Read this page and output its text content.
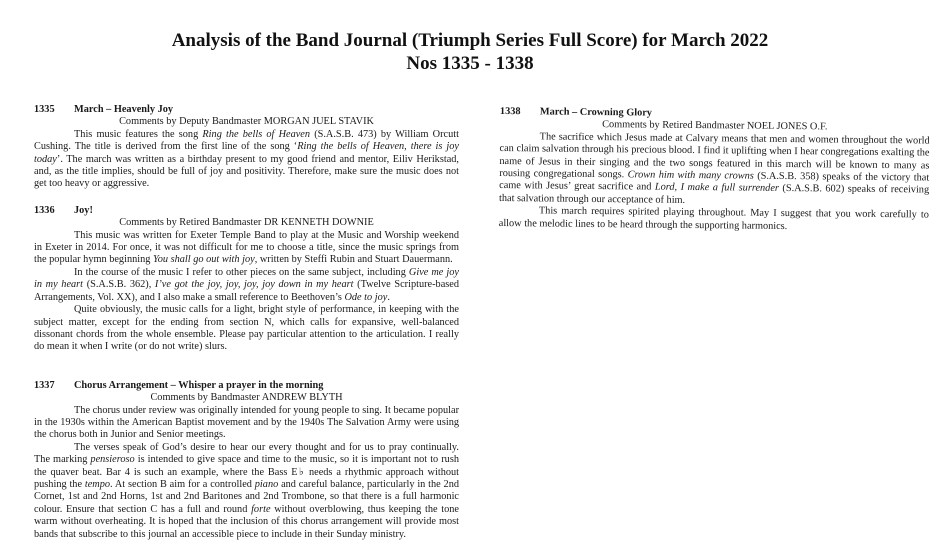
Analysis of the Band Journal (Triumph Series Full Score) for March 2022
Nos 1335 - 1338
1335 March – Heavenly Joy
Comments by Deputy Bandmaster MORGAN JUEL STAVIK

This music features the song Ring the bells of Heaven (S.A.S.B. 473) by William Orcutt Cushing. The title is derived from the first line of the song ‘Ring the bells of Heaven, there is joy today’. The march was written as a birthday present to my good friend and mentor, Eiliv Herikstad, and, as the title implies, should be full of joy and positivity. Therefore, make sure the music does not get too heavy or aggressive.

1336 Joy!
Comments by Retired Bandmaster DR KENNETH DOWNIE

This music was written for Exeter Temple Band to play at the Music and Worship weekend in Exeter in 2014. For once, it was not difficult for me to choose a title, since the music springs from the popular hymn beginning You shall go out with joy, written by Steffi Rubin and Stuart Dauermann.

In the course of the music I refer to other pieces on the same subject, including Give me joy in my heart (S.A.S.B. 362), I’ve got the joy, joy, joy, joy down in my heart (Twelve Scripture-based Arrangements, Vol. XX), and I also make a small reference to Beethoven’s Ode to joy.

Quite obviously, the music calls for a light, bright style of performance, in keeping with the subject matter, except for the ending from section N, which calls for expansive, well-balanced dissonant chords from the whole ensemble. Please pay particular attention to the articulation. I really do mean it when I write (or do not write) slurs.

1337 Chorus Arrangement – Whisper a prayer in the morning
Comments by Bandmaster ANDREW BLYTH

The chorus under review was originally intended for young people to sing. It became popular in the 1930s within the American Baptist movement and by the 1940s The Salvation Army were using the chorus both in Junior and Senior meetings.

The verses speak of God’s desire to hear our every thought and for us to pray continually. The marking pensieroso is intended to give space and time to the music, so it is important not to rush the quaver beat. Bar 4 is such an example, where the Bass E♭ needs a rhythmic approach without pushing the tempo. At section B aim for a controlled piano and careful balance, particularly in the 2nd Cornet, 1st and 2nd Horns, 1st and 2nd Baritones and 2nd Trombone, so that there is a full harmonic colour. Ensure that section C has a full and round forte without overblowing, thus keeping the tone warm without overheating. It is hoped that the inclusion of this chorus arrangement will provide most bands that subscribe to this journal an accessible piece to include in their Sunday ministry.

1338 March – Crowning Glory
Comments by Retired Bandmaster NOEL JONES O.F.

The sacrifice which Jesus made at Calvary means that men and women throughout the world can claim salvation through his precious blood. I find it uplifting when I hear congregations exalting the name of Jesus in their singing and the two songs featured in this march will be known to many as rousing congregational songs. Crown him with many crowns (S.A.S.B. 358) speaks of the victory that came with Jesus’ great sacrifice and Lord, I make a full surrender (S.A.S.B. 602) speaks of receiving that salvation through our acceptance of him.

This march requires spirited playing throughout. May I suggest that you work carefully to allow the melodic lines to be heard through the supporting harmonics.
